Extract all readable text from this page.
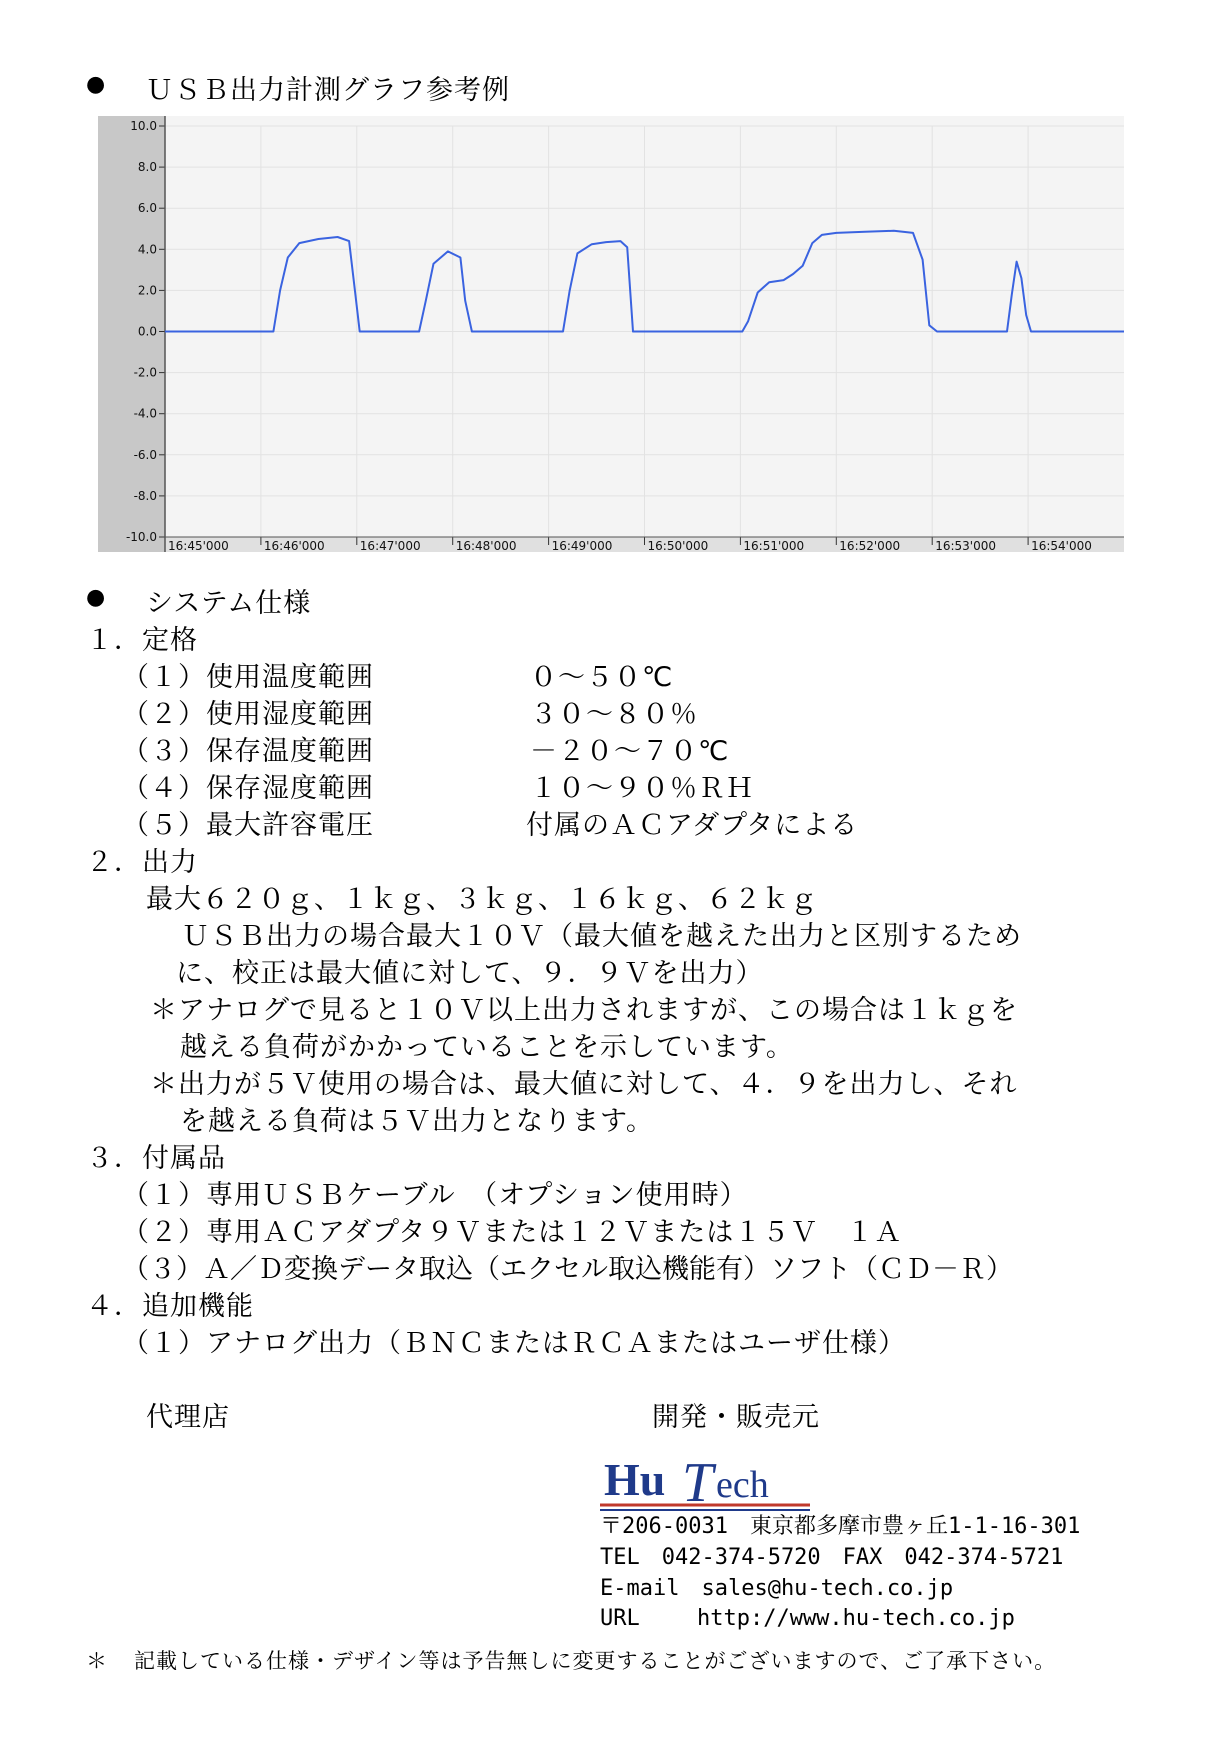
● ＵＳＢ出力計測グラフ参考例
10.0
8.0
6.0
4.0
2.0
0.0
-2.0
-4.0
-6.0
-8.0
-10.0
16:45'000	16:46'000	16:47'000	16:48'000	16:49'000	16:50'000	16:51'000	16:52'000	16:53'000	16:54'000
● システム仕様
１．定格
（１）使用温度範囲	０～５０℃
（２）使用湿度範囲	３０～８０％
（３）保存温度範囲	－２０～７０℃
（４）保存湿度範囲	１０～９０％ＲＨ
（５）最大許容電圧	付属のＡＣアダプタによる
２．出力
最大６２０ｇ、１ｋｇ、３ｋｇ、１６ｋｇ、６２ｋｇ
ＵＳＢ出力の場合最大１０Ｖ（最大値を越えた出力と区別するため
に、校正は最大値に対して、９．９Ｖを出力）
＊アナログで見ると１０Ｖ以上出力されますが、この場合は１ｋｇを
越える負荷がかかっていることを示しています。
＊出力が５Ｖ使用の場合は、最大値に対して、４．９を出力し、それ
を越える負荷は５Ｖ出力となります。
３．付属品
（１）専用ＵＳＢケーブル　（オプション使用時）
（２）専用ＡＣアダプタ９Ｖまたは１２Ｖまたは１５Ｖ　１Ａ
（３）Ａ／Ｄ変換データ取込（エクセル取込機能有）ソフト（ＣＤ－Ｒ）
４．追加機能
（１）アナログ出力（ＢＮＣまたはＲＣＡまたはユーザ仕様）
代理店	開発・販売元
Hu T ech
〒206-0031　東京都多摩市豊ヶ丘1-1-16-301
TEL　042-374-5720　FAX　042-374-5721
E-mail　sales@hu-tech.co.jp
URL　　 http://www.hu-tech.co.jp
＊ 記載している仕様・デザイン等は予告無しに変更することがございますので、ご了承下さい。
